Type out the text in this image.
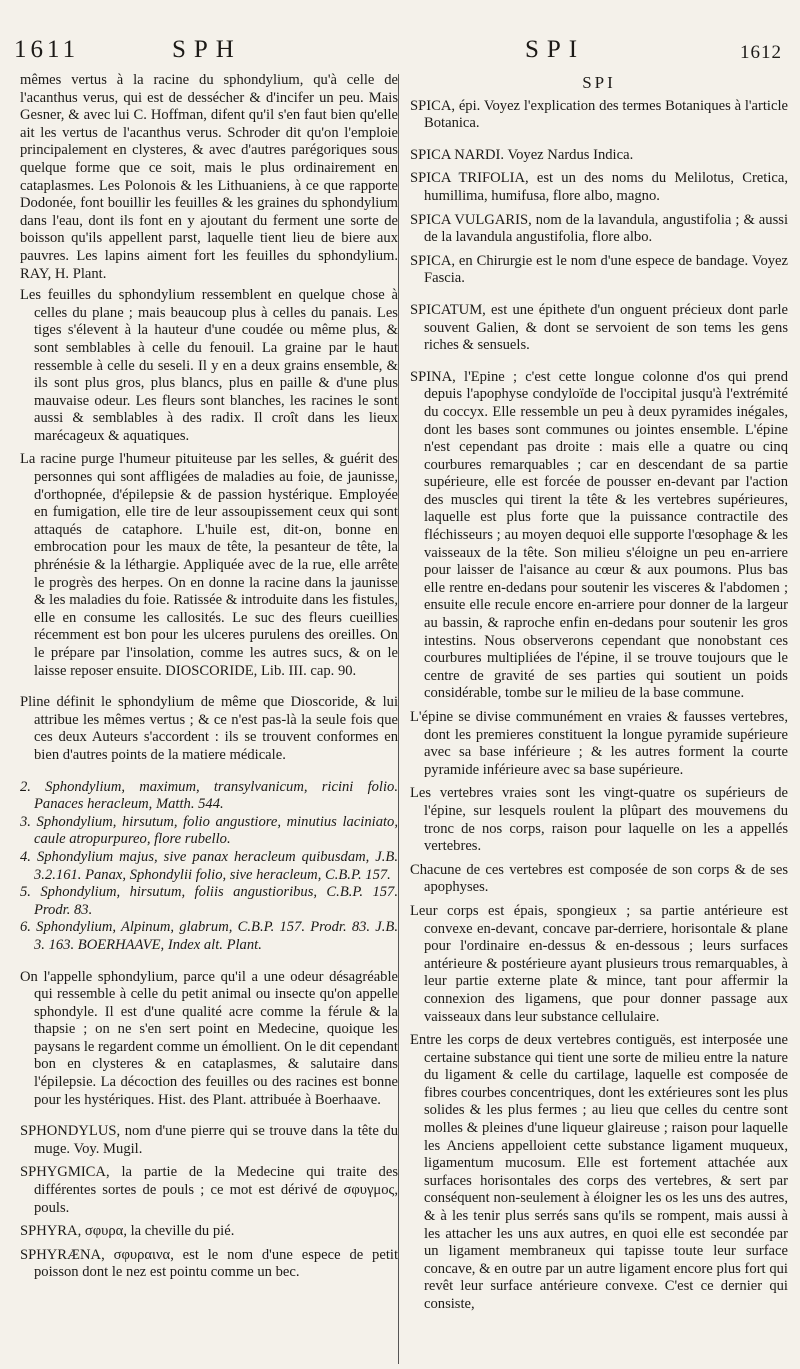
1611	SPH	SPI	1612

mêmes vertus à la racine du sphondylium, qu'à celle de l'acanthus verus, qui est de dessécher & d'incifer un peu. Mais Gesner, & avec lui C. Hoffman, difent qu'il s'en faut bien qu'elle ait les vertus de l'acanthus verus. Schroder dit qu'on l'emploie principalement en clysteres, & avec d'autres parégoriques sous quelque forme que ce soit, mais le plus ordinairement en cataplasmes. Les Polonois & les Lithuaniens, à ce que rapporte Dodonée, font bouillir les feuilles & les graines du sphondylium dans l'eau, dont ils font en y ajoutant du ferment une sorte de boisson qu'ils appellent parst, laquelle tient lieu de biere aux pauvres. Les lapins aiment fort les feuilles du sphondylium. RAY, H. Plant.

Les feuilles du sphondylium ressemblent en quelque chose à celles du plane ; mais beaucoup plus à celles du panais. Les tiges s'élevent à la hauteur d'une coudée ou même plus, & sont semblables à celle du fenouil. La graine par le haut ressemble à celle du seseli. Il y en a deux grains ensemble, & ils sont plus gros, plus blancs, plus en paille & d'une plus mauvaise odeur. Les fleurs sont blanches, les racines le sont aussi & semblables à des radix. Il croît dans les lieux marécageux & aquatiques.

La racine purge l'humeur pituiteuse par les selles, & guérit des personnes qui sont affligées de maladies au foie, de jaunisse, d'orthopnée, d'épilepsie & de passion hystérique. Employée en fumigation, elle tire de leur assoupissement ceux qui sont attaqués de cataphore. L'huile est, dit-on, bonne en embrocation pour les maux de tête, la pesanteur de tête, la phrénésie & la léthargie. Appliquée avec de la rue, elle arrête le progrès des herpes. On en donne la racine dans la jaunisse & les maladies du foie. Ratissée & introduite dans les fistules, elle en consume les callosités. Le suc des fleurs cueillies récemment est bon pour les ulceres purulens des oreilles. On le prépare par l'insolation, comme les autres sucs, & on le laisse reposer ensuite. DIOSCORIDE, Lib. III. cap. 90.

Pline définit le sphondylium de même que Dioscoride, & lui attribue les mêmes vertus ; & ce n'est pas-là la seule fois que ces deux Auteurs s'accordent : ils se trouvent conformes en bien d'autres points de la matiere médicale.

2. Sphondylium, maximum, transylvanicum, ricini folio. Panaces heracleum, Matth. 544.

3. Sphondylium, hirsutum, folio angustiore, minutius laciniato, caule atropurpureo, flore rubello.

4. Sphondylium majus, sive panax heracleum quibusdam, J.B. 3.2.161. Panax, Sphondylii folio, sive heracleum, C.B.P. 157.

5. Sphondylium, hirsutum, foliis angustioribus, C.B.P. 157. Prodr. 83.

6. Sphondylium, Alpinum, glabrum, C.B.P. 157. Prodr. 83. J.B. 3. 163. BOERHAAVE, Index alt. Plant.

On l'appelle sphondylium, parce qu'il a une odeur désagréable qui ressemble à celle du petit animal ou insecte qu'on appelle sphondyle. Il est d'une qualité acre comme la férule & la thapsie ; on ne s'en sert point en Medecine, quoique les paysans le regardent comme un émollient. On le dit cependant bon en clysteres & en cataplasmes, & salutaire dans l'épilepsie. La décoction des feuilles ou des racines est bonne pour les hystériques. Hist. des Plant. attribuée à Boerhaave.

SPHONDYLUS, nom d'une pierre qui se trouve dans la tête du muge. Voy. Mugil.

SPHYGMICA, la partie de la Medecine qui traite des différentes sortes de pouls ; ce mot est dérivé de σφυγμος, pouls.

SPHYRA, σφυρα, la cheville du pié.

SPHYRÆNA, σφυραινα, est le nom d'une espece de petit poisson dont le nez est pointu comme un bec.

SPI

SPICA, épi. Voyez l'explication des termes Botaniques à l'article Botanica.

SPICA NARDI. Voyez Nardus Indica.

SPICA TRIFOLIA, est un des noms du Melilotus, Cretica, humillima, humifusa, flore albo, magno.

SPICA VULGARIS, nom de la lavandula, angustifolia ; & aussi de la lavandula angustifolia, flore albo.

SPICA, en Chirurgie est le nom d'une espece de bandage. Voyez Fascia.

SPICATUM, est une épithete d'un onguent précieux dont parle souvent Galien, & dont se servoient de son tems les gens riches & sensuels.

SPINA, l'Epine ; c'est cette longue colonne d'os qui prend depuis l'apophyse condyloïde de l'occipital jusqu'à l'extrémité du coccyx. Elle ressemble un peu à deux pyramides inégales, dont les bases sont communes ou jointes ensemble. L'épine n'est cependant pas droite : mais elle a quatre ou cinq courbures remarquables ; car en descendant de sa partie supérieure, elle est forcée de pousser en-devant par l'action des muscles qui tirent la tête & les vertebres supérieures, laquelle est plus forte que la puissance contractile des fléchisseurs ; au moyen dequoi elle supporte l'œsophage & les vaisseaux de la tête. Son milieu s'éloigne un peu en-arriere pour laisser de l'aisance au cœur & aux poumons. Plus bas elle rentre en-dedans pour soutenir les visceres & l'abdomen ; ensuite elle recule encore en-arriere pour donner de la largeur au bassin, & raproche enfin en-dedans pour soutenir les gros intestins. Nous observerons cependant que nonobstant ces courbures multipliées de l'épine, il se trouve toujours que le centre de gravité de ses parties qui soutient un poids considérable, tombe sur le milieu de la base commune.

L'épine se divise communément en vraies & fausses vertebres, dont les premieres constituent la longue pyramide supérieure avec sa base inférieure ; & les autres forment la courte pyramide inférieure avec sa base supérieure.

Les vertebres vraies sont les vingt-quatre os supérieurs de l'épine, sur lesquels roulent la plûpart des mouvemens du tronc de nos corps, raison pour laquelle on les a appellés vertebres.

Chacune de ces vertebres est composée de son corps & de ses apophyses.

Leur corps est épais, spongieux ; sa partie antérieure est convexe en-devant, concave par-derriere, horisontale & plane pour l'ordinaire en-dessus & en-dessous ; leurs surfaces antérieure & postérieure ayant plusieurs trous remarquables, à leur partie externe plate & mince, tant pour affermir la connexion des ligamens, que pour donner passage aux vaisseaux dans leur substance cellulaire.

Entre les corps de deux vertebres contiguës, est interposée une certaine substance qui tient une sorte de milieu entre la nature du ligament & celle du cartilage, laquelle est composée de fibres courbes concentriques, dont les extérieures sont les plus solides & les plus fermes ; au lieu que celles du centre sont molles & pleines d'une liqueur glaireuse ; raison pour laquelle les Anciens appelloient cette substance ligament muqueux, ligamentum mucosum. Elle est fortement attachée aux surfaces horisontales des corps des vertebres, & sert par conséquent non-seulement à éloigner les os les uns des autres, & à les tenir plus serrés sans qu'ils se rompent, mais aussi à les attacher les uns aux autres, en quoi elle est secondée par un ligament membraneux qui tapisse toute leur surface concave, & en outre par un autre ligament encore plus fort qui revêt leur surface antérieure convexe. C'est ce dernier qui consiste,
